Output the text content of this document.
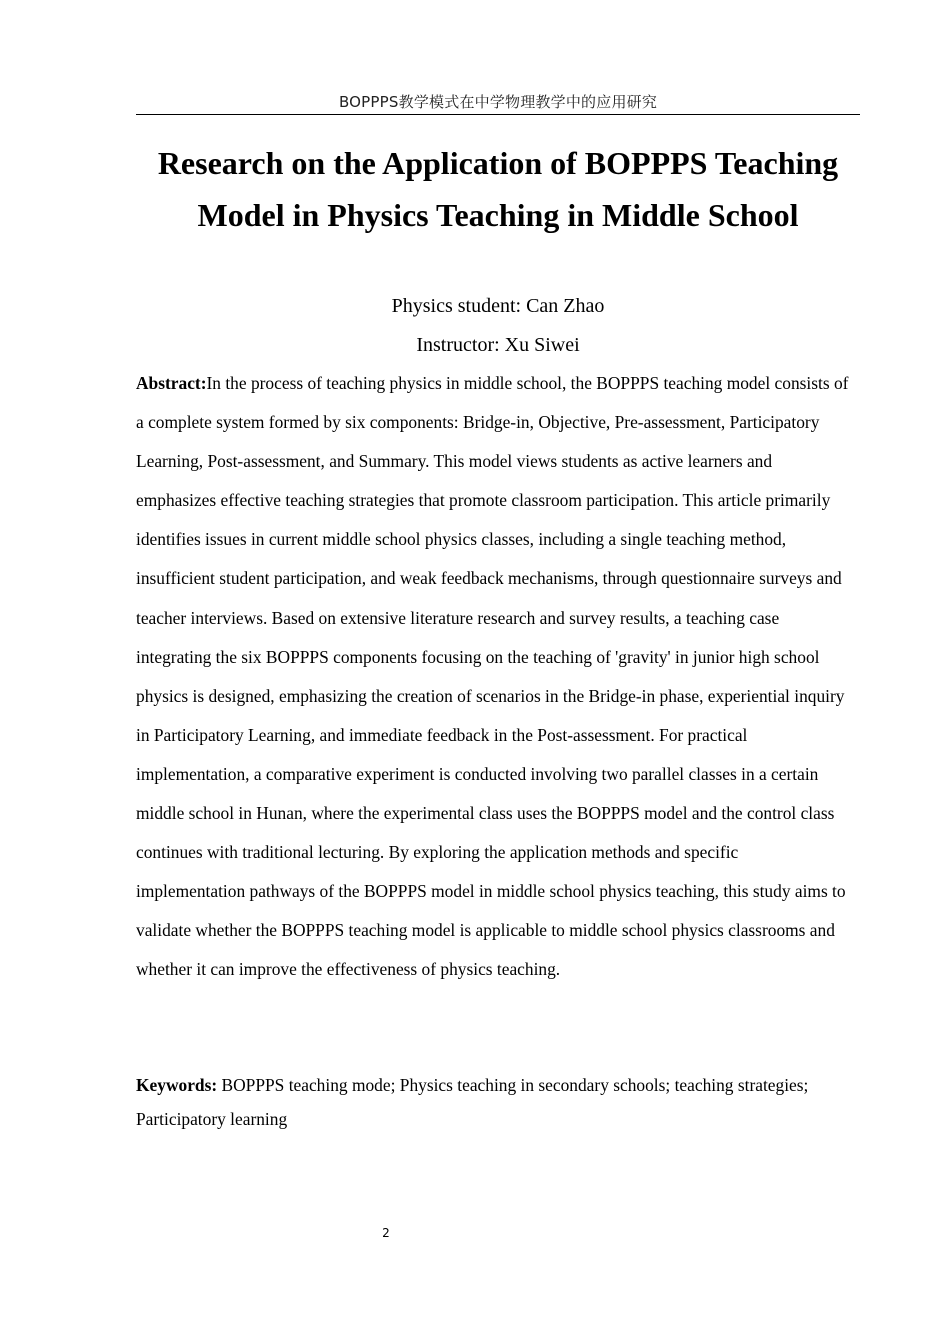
BOPPPS教学模式在中学物理教学中的应用研究
Research on the Application of BOPPPS Teaching Model in Physics Teaching in Middle School
Physics student: Can Zhao
Instructor: Xu Siwei

Abstract:In the process of teaching physics in middle school, the BOPPPS teaching model consists of a complete system formed by six components: Bridge-in, Objective, Pre-assessment, Participatory Learning, Post-assessment, and Summary. This model views students as active learners and emphasizes effective teaching strategies that promote classroom participation. This article primarily identifies issues in current middle school physics classes, including a single teaching method, insufficient student participation, and weak feedback mechanisms, through questionnaire surveys and teacher interviews. Based on extensive literature research and survey results, a teaching case integrating the six BOPPPS components focusing on the teaching of 'gravity' in junior high school physics is designed, emphasizing the creation of scenarios in the Bridge-in phase, experiential inquiry in Participatory Learning, and immediate feedback in the Post-assessment. For practical implementation, a comparative experiment is conducted involving two parallel classes in a certain middle school in Hunan, where the experimental class uses the BOPPPS model and the control class continues with traditional lecturing. By exploring the application methods and specific implementation pathways of the BOPPPS model in middle school physics teaching, this study aims to validate whether the BOPPPS teaching model is applicable to middle school physics classrooms and whether it can improve the effectiveness of physics teaching.

Keywords: BOPPPS teaching mode; Physics teaching in secondary schools; teaching strategies; Participatory learning

2
